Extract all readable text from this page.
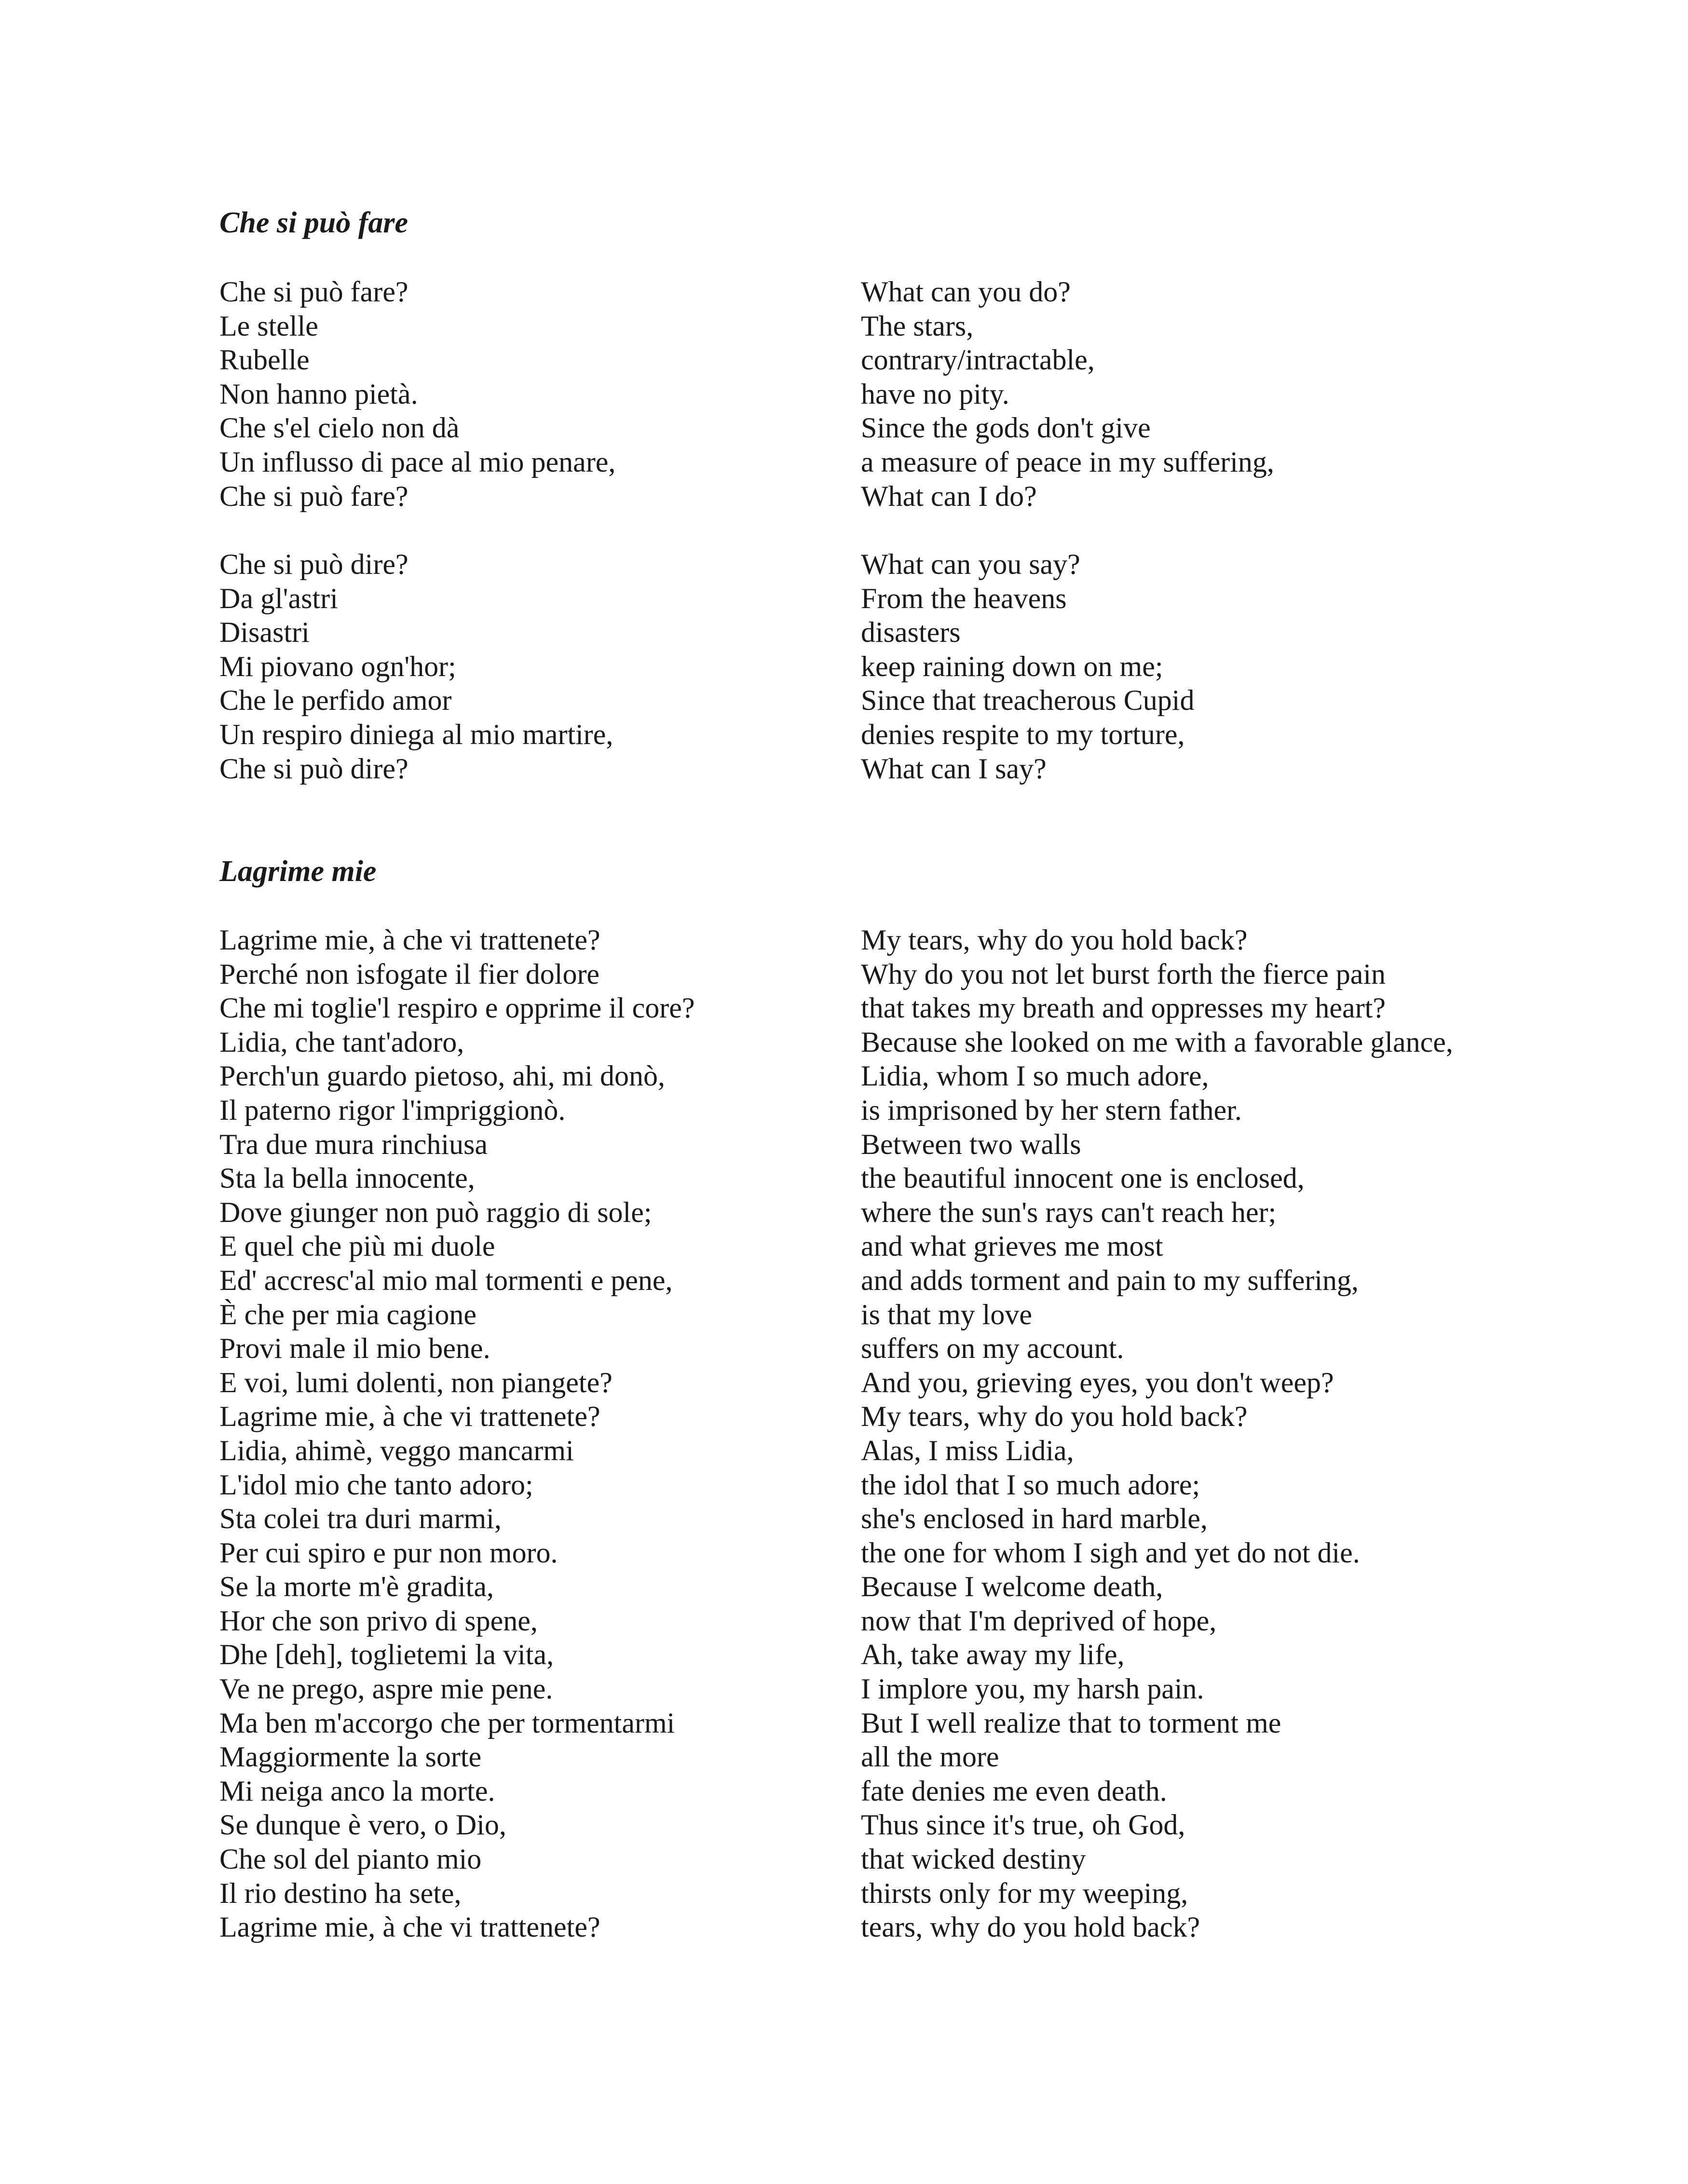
Che si può fare
Che si può fare?
Le stelle
Rubelle
Non hanno pietà.
Che s'el cielo non dà
Un influsso di pace al mio penare,
Che si può fare?
What can you do?
The stars,
contrary/intractable,
have no pity.
Since the gods don't give
a measure of peace in my suffering,
What can I do?
Che si può dire?
Da gl'astri
Disastri
Mi piovano ogn'hor;
Che le perfido amor
Un respiro diniega al mio martire,
Che si può dire?
What can you say?
From the heavens
disasters
keep raining down on me;
Since that treacherous Cupid
denies respite to my torture,
What can I say?
Lagrime mie
Lagrime mie, à che vi trattenete?
Perché non isfogate il fier dolore
Che mi toglie'l respiro e opprime il core?
Lidia, che tant'adoro,
Perch'un guardo pietoso, ahi, mi donò,
Il paterno rigor l'impriggionò.
Tra due mura rinchiusa
Sta la bella innocente,
Dove giunger non può raggio di sole;
E quel che più mi duole
Ed' accresc'al mio mal tormenti e pene,
È che per mia cagione
Provi male il mio bene.
E voi, lumi dolenti, non piangete?
Lagrime mie, à che vi trattenete?
Lidia, ahimè, veggo mancarmi
L'idol mio che tanto adoro;
Sta colei tra duri marmi,
Per cui spiro e pur non moro.
Se la morte m'è gradita,
Hor che son privo di spene,
Dhe [deh], toglietemi la vita,
Ve ne prego, aspre mie pene.
Ma ben m'accorgo che per tormentarmi
Maggiormente la sorte
Mi neiga anco la morte.
Se dunque è vero, o Dio,
Che sol del pianto mio
Il rio destino ha sete,
Lagrime mie, à che vi trattenete?
My tears, why do you hold back?
Why do you not let burst forth the fierce pain
that takes my breath and oppresses my heart?
Because she looked on me with a favorable glance,
Lidia, whom I so much adore,
is imprisoned by her stern father.
Between two walls
the beautiful innocent one is enclosed,
where the sun's rays can't reach her;
and what grieves me most
and adds torment and pain to my suffering,
is that my love
suffers on my account.
And you, grieving eyes, you don't weep?
My tears, why do you hold back?
Alas, I miss Lidia,
the idol that I so much adore;
she's enclosed in hard marble,
the one for whom I sigh and yet do not die.
Because I welcome death,
now that I'm deprived of hope,
Ah, take away my life,
I implore you, my harsh pain.
But I well realize that to torment me
all the more
fate denies me even death.
Thus since it's true, oh God,
that wicked destiny
thirsts only for my weeping,
tears, why do you hold back?
